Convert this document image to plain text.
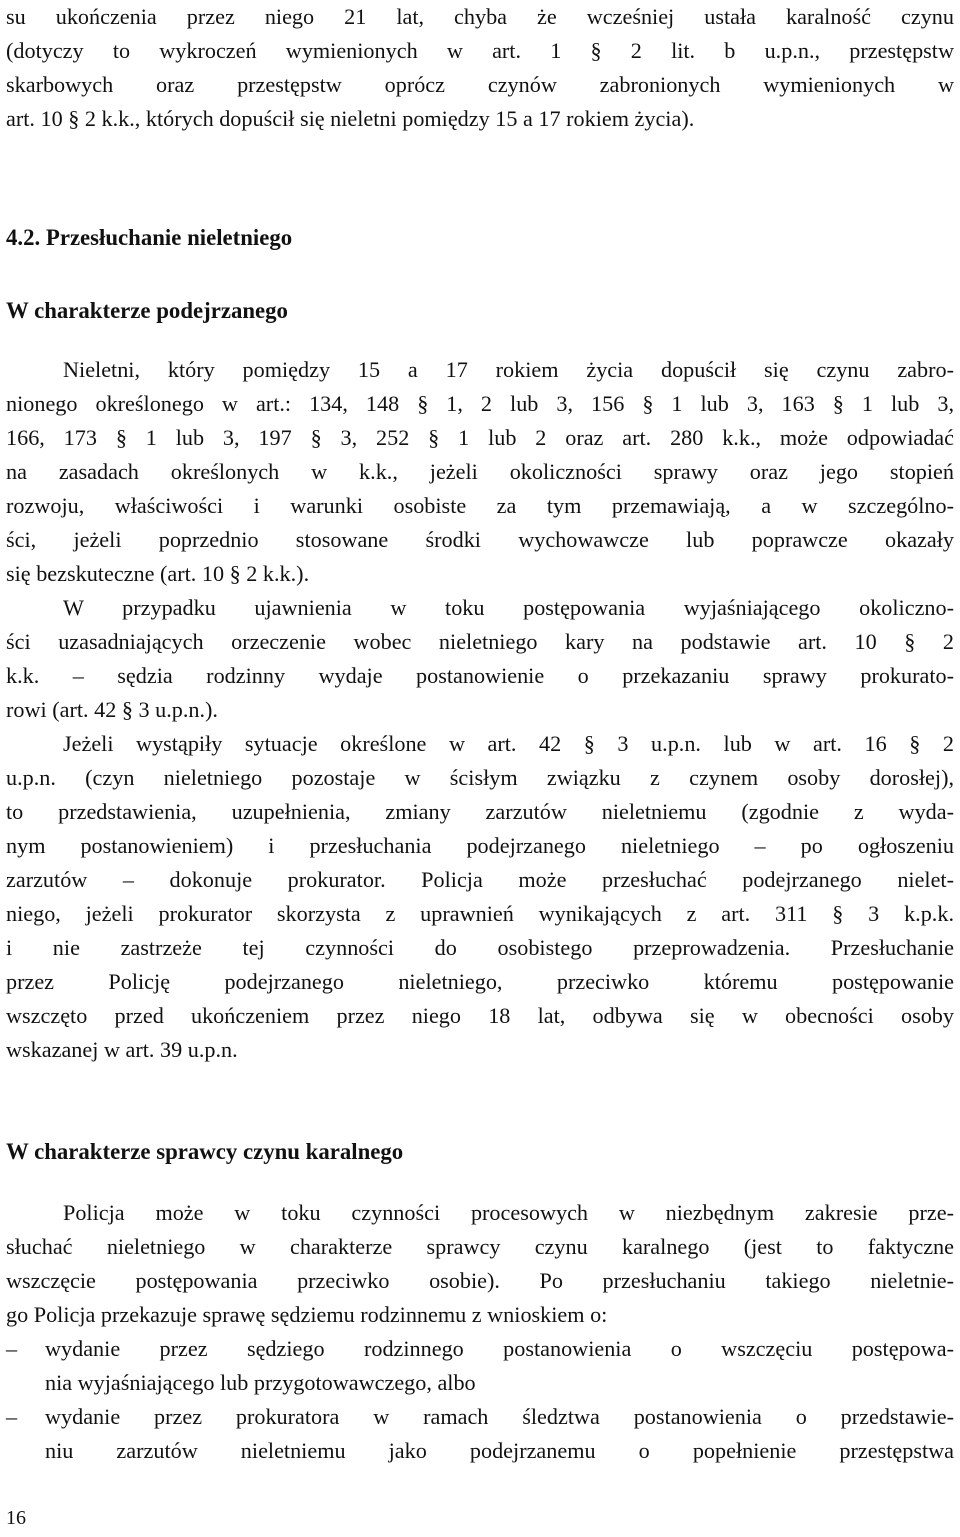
su ukończenia przez niego 21 lat, chyba że wcześniej ustała karalność czynu
(dotyczy to wykroczeń wymienionych w art. 1 § 2 lit. b u.p.n., przestępstw
skarbowych oraz przestępstw oprócz czynów zabronionych wymienionych w
art. 10 § 2 k.k., których dopuścił się nieletni pomiędzy 15 a 17 rokiem życia).
4.2. Przesłuchanie nieletniego
W charakterze podejrzanego
Nieletni, który pomiędzy 15 a 17 rokiem życia dopuścił się czynu zabro-
nionego określonego w art.: 134, 148 § 1, 2 lub 3, 156 § 1 lub 3, 163 § 1 lub 3,
166, 173 § 1 lub 3, 197 § 3, 252 § 1 lub 2 oraz art. 280 k.k., może odpowiadać
na zasadach określonych w k.k., jeżeli okoliczności sprawy oraz jego stopień
rozwoju, właściwości i warunki osobiste za tym przemawiają, a w szczególno-
ści, jeżeli poprzednio stosowane środki wychowawcze lub poprawcze okazały
się bezskuteczne (art. 10 § 2 k.k.).
W przypadku ujawnienia w toku postępowania wyjaśniającego okoliczno-
ści uzasadniających orzeczenie wobec nieletniego kary na podstawie art. 10 § 2
k.k. – sędzia rodzinny wydaje postanowienie o przekazaniu sprawy prokurato-
rowi (art. 42 § 3 u.p.n.).
Jeżeli wystąpiły sytuacje określone w art. 42 § 3 u.p.n. lub w art. 16 § 2
u.p.n. (czyn nieletniego pozostaje w ścisłym związku z czynem osoby dorosłej),
to przedstawienia, uzupełnienia, zmiany zarzutów nieletniemu (zgodnie z wyda-
nym postanowieniem) i przesłuchania podejrzanego nieletniego – po ogłoszeniu
zarzutów – dokonuje prokurator. Policja może przesłuchać podejrzanego nielet-
niego, jeżeli prokurator skorzysta z uprawnień wynikających z art. 311 § 3 k.p.k.
i nie zastrzeże tej czynności do osobistego przeprowadzenia. Przesłuchanie
przez Policję podejrzanego nieletniego, przeciwko któremu postępowanie
wszczęto przed ukończeniem przez niego 18 lat, odbywa się w obecności osoby
wskazanej w art. 39 u.p.n.
W charakterze sprawcy czynu karalnego
Policja może w toku czynności procesowych w niezbędnym zakresie prze-
słuchać nieletniego w charakterze sprawcy czynu karalnego (jest to faktyczne
wszczęcie postępowania przeciwko osobie). Po przesłuchaniu takiego nieletnie-
go Policja przekazuje sprawę sędziemu rodzinnemu z wnioskiem o:
–	wydanie przez sędziego rodzinnego postanowienia o wszczęciu postępowa-
nia wyjaśniającego lub przygotowawczego, albo
–	wydanie przez prokuratora w ramach śledztwa postanowienia o przedstawie-
niu zarzutów nieletniemu jako podejrzanemu o popełnienie przestępstwa
16
